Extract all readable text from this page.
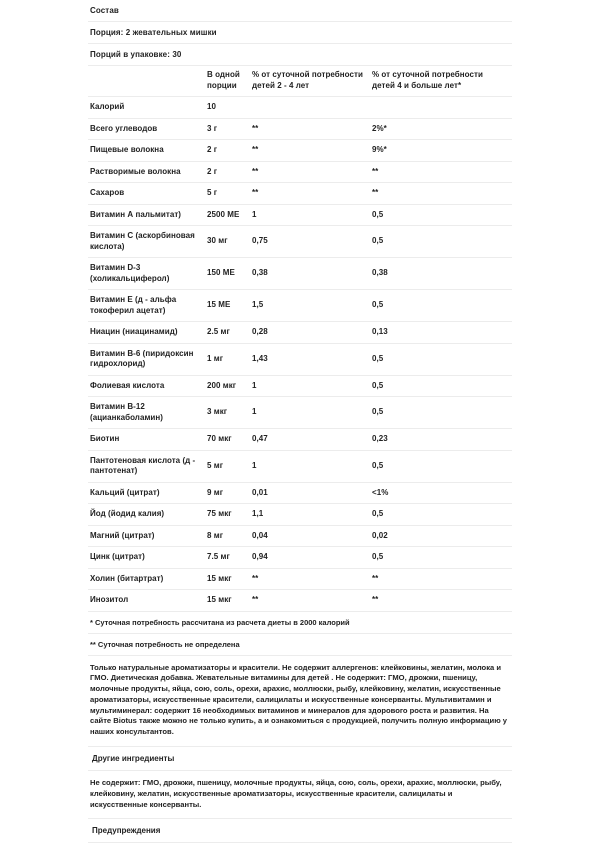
Состав
Порция: 2 жевательных мишки
Порций в упаковке: 30
	В одной порции	% от суточной потребности детей 2 - 4 лет	% от суточной потребности детей 4 и больше лет*
Калорий	10		
Всего углеводов	3 г	**	2%*
Пищевые волокна	2 г	**	9%*
Растворимые волокна	2 г	**	**
Сахаров	5 г	**	**
Витамин А пальмитат)	2500 МЕ	1	0,5
Витамин С (аскорбиновая кислота)	30 мг	0,75	0,5
Витамин D-3 (холикальциферол)	150 МЕ	0,38	0,38
Витамин Е (д - альфа токоферил ацетат)	15 МЕ	1,5	0,5
Ниацин (ниацинамид)	2.5 мг	0,28	0,13
Витамин В-6 (пиридоксин гидрохлорид)	1 мг	1,43	0,5
Фолиевая кислота	200 мкг	1	0,5
Витамин В-12 (ацианкаболамин)	3 мкг	1	0,5
Биотин	70 мкг	0,47	0,23
Пантотеновая кислота (д - пантотенат)	5 мг	1	0,5
Кальций (цитрат)	9 мг	0,01	<1%
Йод (йодид калия)	75 мкг	1,1	0,5
Магний (цитрат)	8 мг	0,04	0,02
Цинк (цитрат)	7.5 мг	0,94	0,5
Холин (битартрат)	15 мкг	**	**
Инозитол	15 мкг	**	**
* Суточная потребность рассчитана из расчета диеты в 2000 калорий
** Суточная потребность не определена

Только натуральные ароматизаторы и красители. Не содержит аллергенов: клейковины, желатин, молока и ГМО. Диетическая добавка. Жевательные витамины для детей . Не содержит: ГМО, дрожжи, пшеницу, молочные продукты, яйца, сою, соль, орехи, арахис, моллюски, рыбу, клейковину, желатин, искусственные ароматизаторы, искусственные красители, салицилаты и искусственные консерванты. Мультивитамин и мультиминерал: содержит 16 необходимых витаминов и минералов для здорового роста и развития. На сайте Biotus также можно не только купить, а и ознакомиться с продукцией, получить полную информацию у наших консультантов.

Другие ингредиенты

Не содержит: ГМО, дрожжи, пшеницу, молочные продукты, яйца, сою, соль, орехи, арахис, моллюски, рыбу, клейковину, желатин, искусственные ароматизаторы, искусственные красители, салицилаты и искусственные консерванты.

Предупреждения
